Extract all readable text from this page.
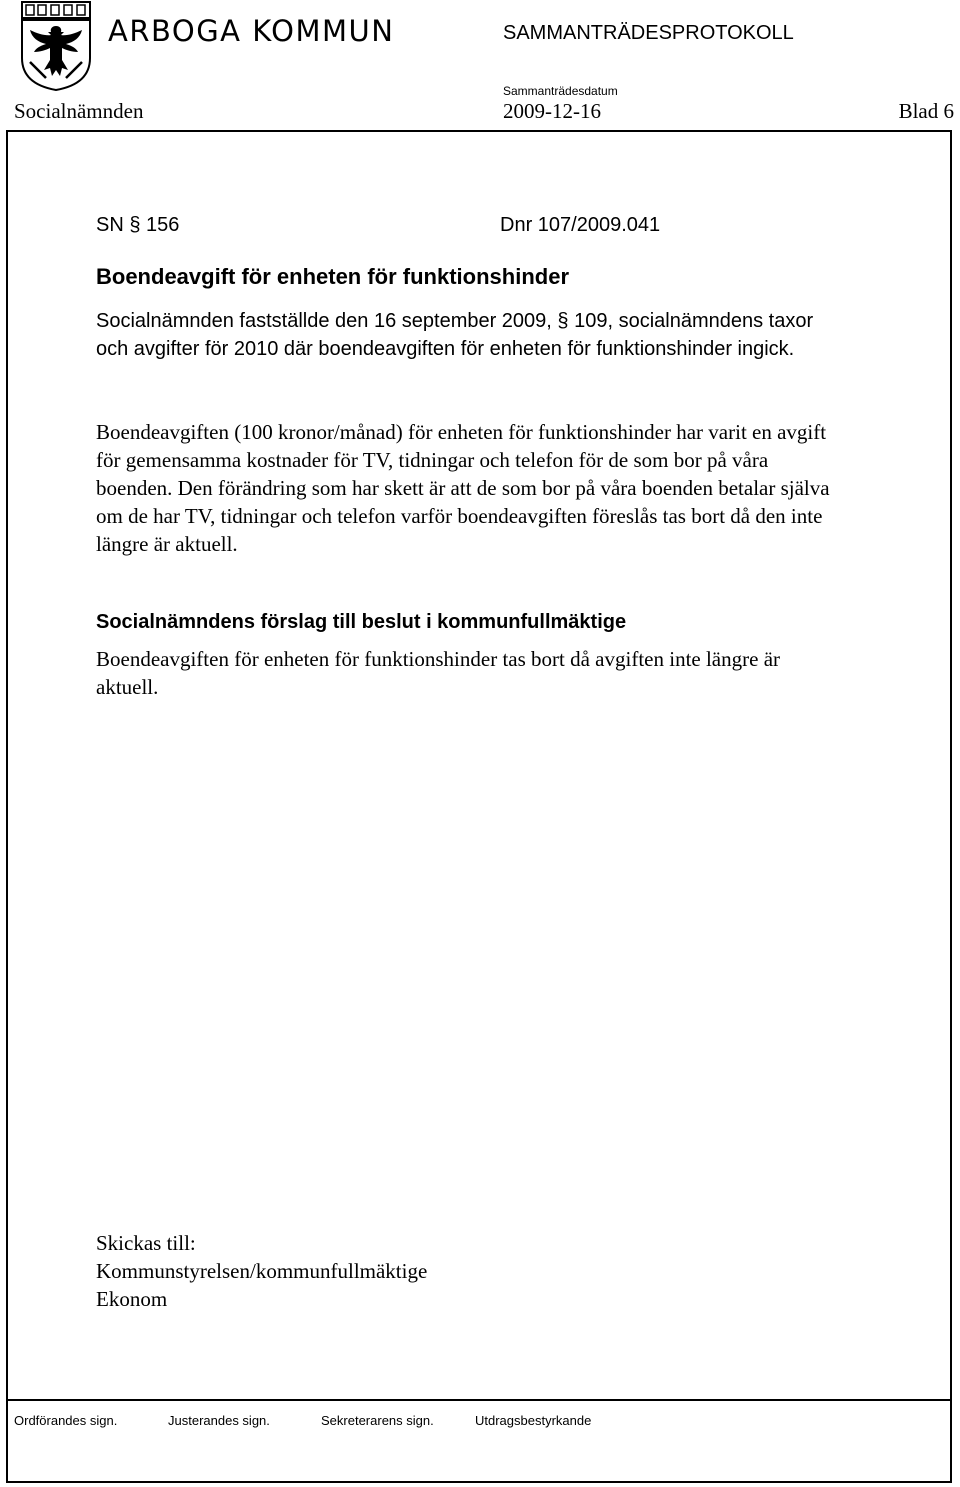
ARBOGA KOMMUN	SAMMANTRÄDESPROTOKOLL
Sammanträdesdatum
Socialnämnden	2009-12-16	Blad 6
SN § 156	Dnr 107/2009.041
Boendeavgift för enheten för funktionshinder
Socialnämnden fastställde den 16 september 2009, § 109, socialnämndens taxor och avgifter för 2010 där boendeavgiften för enheten för funktionshinder ingick.
Boendeavgiften (100 kronor/månad) för enheten för funktionshinder har varit en avgift för gemensamma kostnader för TV, tidningar och telefon för de som bor på våra boenden. Den förändring som har skett är att de som bor på våra boenden betalar själva om de har TV, tidningar och telefon varför boendeavgiften föreslås tas bort då den inte längre är aktuell.
Socialnämndens förslag till beslut i kommunfullmäktige
Boendeavgiften för enheten för funktionshinder tas bort då avgiften inte längre är aktuell.
Skickas till:
Kommunstyrelsen/kommunfullmäktige
Ekonom
Ordförandes sign.	Justerandes sign.	Sekreterarens sign.	Utdragsbestyrkande
